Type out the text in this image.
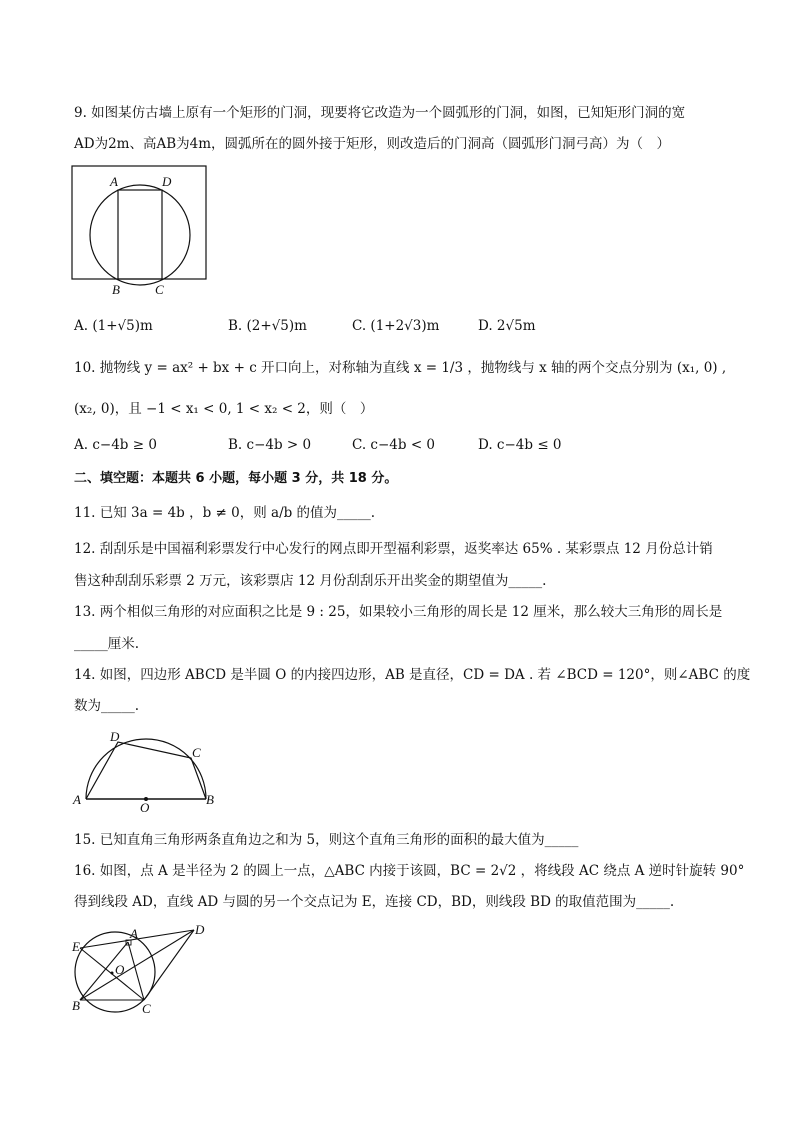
9. 如图某仿古墙上原有一个矩形的门洞，现要将它改造为一个圆弧形的门洞，如图，已知矩形门洞的宽
AD为2m、高AB为4m，圆弧所在的圆外接于矩形，则改造后的门洞高（圆弧形门洞弓高）为（　）
A	D
B	C
A. (1+√5)m	B. (2+√5)m	C. (1+2√3)m	D. 2√5m
10. 抛物线 y = ax² + bx + c 开口向上，对称轴为直线 x = 1/3 ，抛物线与 x 轴的两个交点分别为 (x₁, 0) ,
(x₂, 0)，且 −1 < x₁ < 0, 1 < x₂ < 2，则（　）
A. c−4b ≥ 0	B. c−4b > 0	C. c−4b < 0	D. c−4b ≤ 0
二、填空题：本题共 6 小题，每小题 3 分，共 18 分。
11. 已知 3a = 4b ，b ≠ 0，则 a/b 的值为_____.
12. 刮刮乐是中国福利彩票发行中心发行的网点即开型福利彩票，返奖率达 65% . 某彩票点 12 月份总计销
售这种刮刮乐彩票 2 万元，该彩票店 12 月份刮刮乐开出奖金的期望值为_____.
13. 两个相似三角形的对应面积之比是 9 : 25，如果较小三角形的周长是 12 厘米，那么较大三角形的周长是
_____厘米.
14. 如图，四边形 ABCD 是半圆 O 的内接四边形，AB 是直径，CD = DA . 若 ∠BCD = 120°，则∠ABC 的度
数为_____.
A	B
C
D
O
15. 已知直角三角形两条直角边之和为 5，则这个直角三角形的面积的最大值为_____
16. 如图，点 A 是半径为 2 的圆上一点，△ABC 内接于该圆，BC = 2√2 ，将线段 AC 绕点 A 逆时针旋转 90°
得到线段 AD，直线 AD 与圆的另一个交点记为 E，连接 CD，BD，则线段 BD 的取值范围为_____.
A
B	C
D
E
O
